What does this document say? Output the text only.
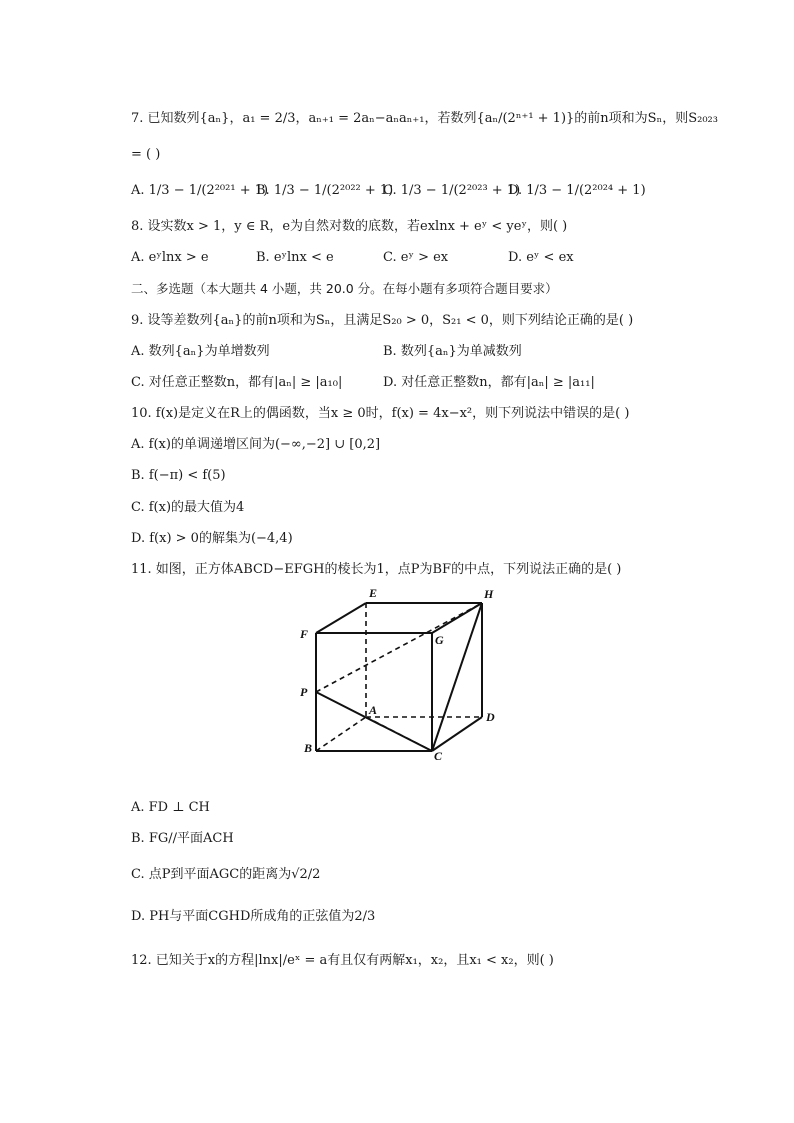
7. 已知数列{aₙ}，a₁ = 2/3，aₙ₊₁ = 2aₙ−aₙaₙ₊₁，若数列{aₙ/(2ⁿ⁺¹ + 1)}的前n项和为Sₙ，则S₂₀₂₃
= ( )
A. 1/3 − 1/(2²⁰²¹ + 1)
B. 1/3 − 1/(2²⁰²² + 1)
C. 1/3 − 1/(2²⁰²³ + 1)
D. 1/3 − 1/(2²⁰²⁴ + 1)
8. 设实数x > 1，y ∈ R，e为自然对数的底数，若exlnx + eʸ < yeʸ，则( )
A. eʸlnx > e	B. eʸlnx < e	C. eʸ > ex	D. eʸ < ex
二、多选题（本大题共 4 小题，共 20.0 分。在每小题有多项符合题目要求）
9. 设等差数列{aₙ}的前n项和为Sₙ，且满足S₂₀ > 0，S₂₁ < 0，则下列结论正确的是( )
A. 数列{aₙ}为单增数列	B. 数列{aₙ}为单减数列
C. 对任意正整数n，都有|aₙ| ≥ |a₁₀|	D. 对任意正整数n，都有|aₙ| ≥ |a₁₁|
10. f(x)是定义在R上的偶函数，当x ≥ 0时，f(x) = 4x−x²，则下列说法中错误的是( )
A. f(x)的单调递增区间为(−∞,−2] ∪ [0,2]
B. f(−π) < f(5)
C. f(x)的最大值为4
D. f(x) > 0的解集为(−4,4)
11. 如图，正方体ABCD−EFGH的棱长为1，点P为BF的中点，下列说法正确的是( )
E	H
F	G
P
A	D
B
C
A. FD ⊥ CH
B. FG//平面ACH
C. 点P到平面AGC的距离为√2/2
D. PH与平面CGHD所成角的正弦值为2/3
12. 已知关于x的方程|lnx|/eˣ = a有且仅有两解x₁，x₂，且x₁ < x₂，则( )
